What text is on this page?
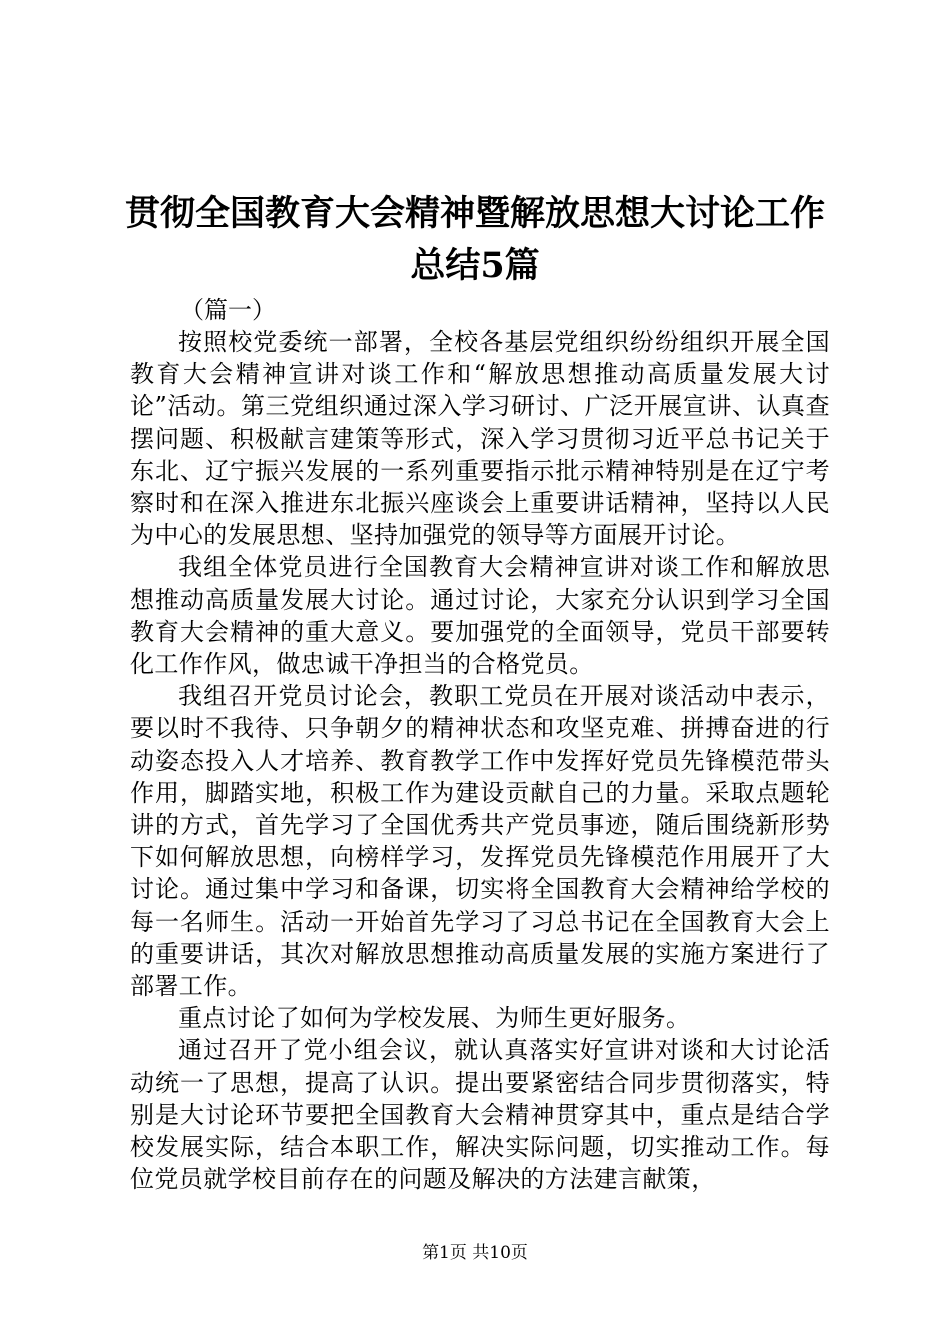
贯彻全国教育大会精神暨解放思想大讨论工作
总结5篇
（篇一）

按照校党委统一部署，全校各基层党组织纷纷组织开展全国教育大会精神宣讲对谈工作和“解放思想推动高质量发展大讨论”活动。第三党组织通过深入学习研讨、广泛开展宣讲、认真查摆问题、积极献言建策等形式，深入学习贯彻习近平总书记关于东北、辽宁振兴发展的一系列重要指示批示精神特别是在辽宁考察时和在深入推进东北振兴座谈会上重要讲话精神，坚持以人民为中心的发展思想、坚持加强党的领导等方面展开讨论。

我组全体党员进行全国教育大会精神宣讲对谈工作和解放思想推动高质量发展大讨论。通过讨论，大家充分认识到学习全国教育大会精神的重大意义。要加强党的全面领导，党员干部要转化工作作风，做忠诚干净担当的合格党员。

我组召开党员讨论会，教职工党员在开展对谈活动中表示，要以时不我待、只争朝夕的精神状态和攻坚克难、拼搏奋进的行动姿态投入人才培养、教育教学工作中发挥好党员先锋模范带头作用，脚踏实地，积极工作为建设贡献自己的力量。采取点题轮讲的方式，首先学习了全国优秀共产党员事迹，随后围绕新形势下如何解放思想，向榜样学习，发挥党员先锋模范作用展开了大讨论。通过集中学习和备课，切实将全国教育大会精神给学校的每一名师生。活动一开始首先学习了习总书记在全国教育大会上的重要讲话，其次对解放思想推动高质量发展的实施方案进行了部署工作。

重点讨论了如何为学校发展、为师生更好服务。

通过召开了党小组会议，就认真落实好宣讲对谈和大讨论活动统一了思想，提高了认识。提出要紧密结合同步贯彻落实，特别是大讨论环节要把全国教育大会精神贯穿其中，重点是结合学校发展实际，结合本职工作，解决实际问题，切实推动工作。每位党员就学校目前存在的问题及解决的方法建言献策，

第1页 共10页
